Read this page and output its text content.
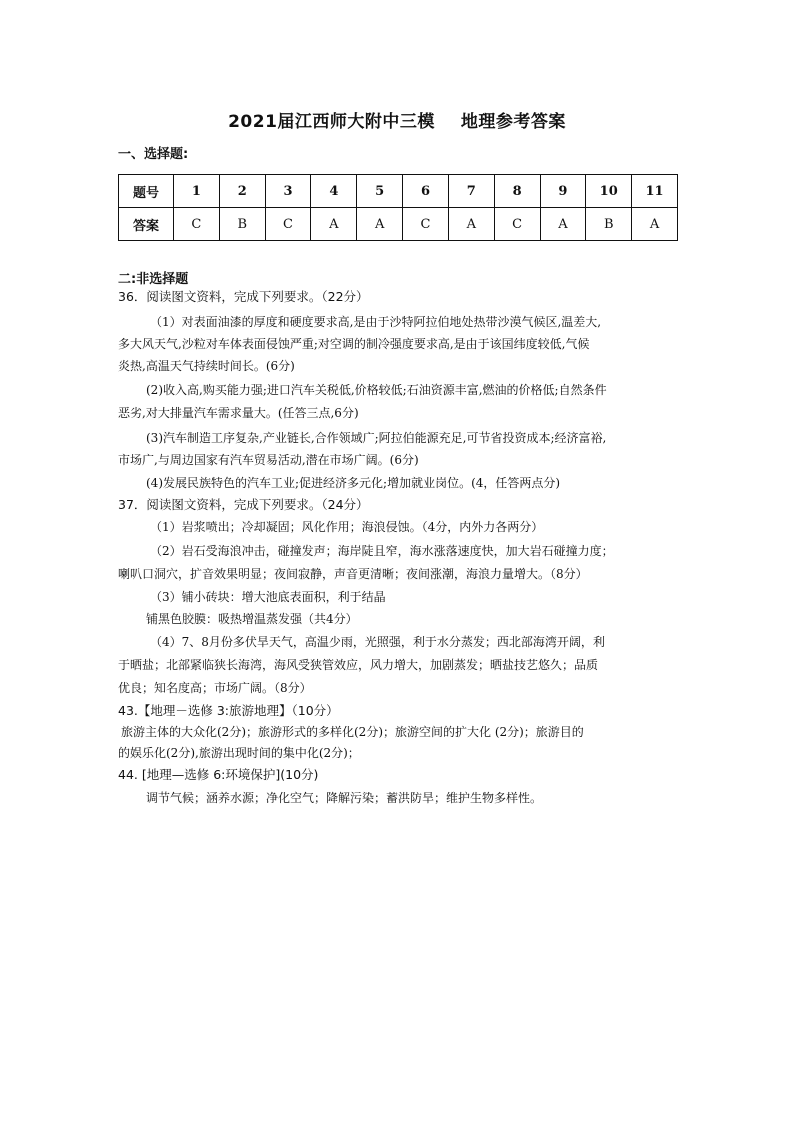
2021届江西师大附中三模 地理参考答案
一、选择题:
题号	1	2	3	4	5	6	7	8	9	10	11
答案	C	B	C	A	A	C	A	C	A	B	A
二:非选择题
36．阅读图文资料，完成下列要求。（22分）
（1）对表面油漆的厚度和硬度要求高,是由于沙特阿拉伯地处热带沙漠气候区,温差大,
多大风天气,沙粒对车体表面侵蚀严重;对空调的制冷强度要求高,是由于该国纬度较低,气候
炎热,高温天气持续时间长。(6分)
(2)收入高,购买能力强;进口汽车关税低,价格较低;石油资源丰富,燃油的价格低;自然条件
恶劣,对大排量汽车需求量大。(任答三点,6分)
(3)汽车制造工序复杂,产业链长,合作领域广;阿拉伯能源充足,可节省投资成本;经济富裕,
市场广,与周边国家有汽车贸易活动,潜在市场广阔。(6分)
(4)发展民族特色的汽车工业;促进经济多元化;增加就业岗位。(4，任答两点分)
37．阅读图文资料，完成下列要求。（24分）
（1）岩浆喷出；冷却凝固；风化作用；海浪侵蚀。（4分，内外力各两分）
（2）岩石受海浪冲击，碰撞发声；海岸陡且窄，海水涨落速度快，加大岩石碰撞力度；
喇叭口洞穴，扩音效果明显；夜间寂静，声音更清晰；夜间涨潮，海浪力量增大。（8分）
（3）铺小砖块：增大池底表面积，利于结晶
铺黑色胶膜：吸热增温蒸发强（共4分）
（4）7、8月份多伏旱天气，高温少雨，光照强，利于水分蒸发；西北部海湾开阔，利
于晒盐；北部紧临狭长海湾，海风受狭管效应，风力增大，加剧蒸发；晒盐技艺悠久；品质
优良；知名度高；市场广阔。（8分）
43.【地理－选修 3:旅游地理】（10分）
旅游主体的大众化(2分)；旅游形式的多样化(2分)；旅游空间的扩大化 (2分)；旅游目的
的娱乐化(2分),旅游出现时间的集中化(2分)；
44. [地理—选修 6:环境保护](10分)
调节气候；涵养水源；净化空气；降解污染；蓄洪防旱；维护生物多样性。
